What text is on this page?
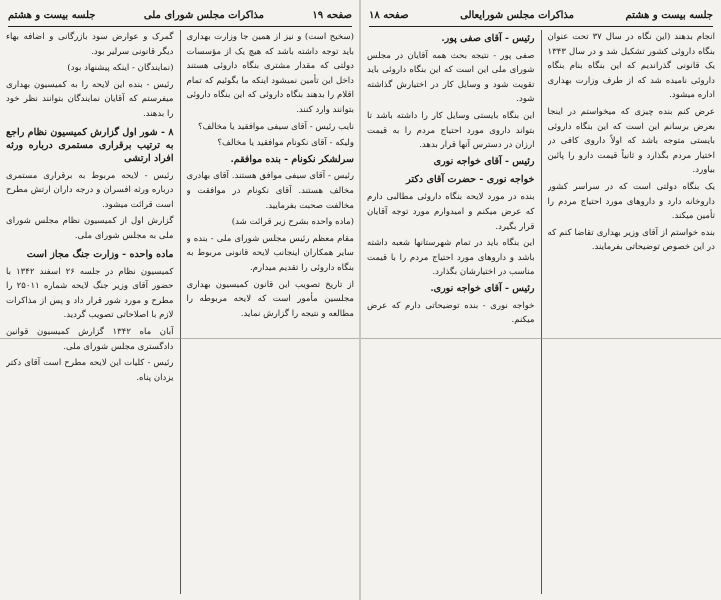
صفحه ۱۹
مذاکرات مجلس شورای ملی
جلسه بیست و هشتم
(سخیح است) و نیز از همین جا وزارت بهداری باید توجه داشته باشد که هیچ یک از مؤسسات دولتی که مقدار مشتری بنگاه داروئی هستند داخل این تأمین نمیشود اینکه ما بگوئیم که تمام اقلام را بدهند بنگاه داروئی که این بنگاه داروئی بتوانند وارد کنند.
نایب رئیس - آقای سیفی موافقید یا مخالف؟
ولیکه - آقای نکونام موافقید یا مخالف؟
سرلشکر نکونام - بنده موافقم.
رئیس - آقای سیفی موافق هستند. آقای بهادری مخالف هستند. آقای نکونام در موافقت و مخالفت صحبت بفرمایید.
(ماده واحده بشرح زیر قرائت شد)
مقام معظم رئیس مجلس شورای ملی - بنده و سایر همکاران اینجانب لایحه قانونی مربوط به بنگاه داروئی را تقدیم میدارم.
از تاریخ تصویب این قانون کمیسیون بهداری مجلسین مأمور است که لایحه مربوطه را مطالعه و نتیجه را گزارش نماید.
گمرک و عوارض سود بازرگانی و اضافه بهاء دیگر قانونی سرلیر بود.
(نمایندگان - اینکه پیشنهاد بود)
رئیس - بنده این لایحه را به کمیسیون بهداری میفرستم که آقایان نمایندگان بتوانند نظر خود را بدهند.
۸ - شور اول گزارش کمیسیون نظام راجع به ترتیب برقراری مستمری درباره ورثه افراد ارتشی
رئیس - لایحه مربوط به برقراری مستمری درباره ورثه افسران و درجه داران ارتش مطرح است قرائت میشود.
گزارش اول از کمیسیون نظام مجلس شورای ملی به مجلس شورای ملی.
ماده واحده - وزارت جنگ مجاز است
کمیسیون نظام در جلسه ۲۶ اسفند ۱۳۴۲ با حضور آقای وزیر جنگ لایحه شماره ۲۵۰۱۱ را مطرح و مورد شور قرار داد و پس از مذاکرات لازم با اصلاحاتی تصویب گردید.
آبان ماه ۱۳۴۲ گزارش کمیسیون قوانین دادگستری مجلس شورای ملی.
رئیس - کلیات این لایحه مطرح است آقای دکتر یزدان پناه.
جلسه بیست و هشتم
مذاکرات مجلس شورایعالی
صفحه ۱۸
انجام بدهند (این نگاه در سال ۳۷ تحت عنوان بنگاه داروئی کشور تشکیل شد و در سال ۱۳۴۳ یک قانونی گذراندیم که این بنگاه بنام بنگاه داروئی نامیده شد که از طرف وزارت بهداری اداره میشود.
عرض کنم بنده چیزی که میخواستم در اینجا بعرض برسانم این است که این بنگاه داروئی بایستی متوجه باشد که اولاً داروی کافی در اختیار مردم بگذارد و ثانیاً قیمت دارو را پائین بیاورد.
یک بنگاه دولتی است که در سراسر کشور داروخانه دارد و داروهای مورد احتیاج مردم را تأمین میکند.
بنده خواستم از آقای وزیر بهداری تقاضا کنم که در این خصوص توضیحاتی بفرمایند.
رئیس - آقای صفی پور.
صفی پور - نتیجه بحث همه آقایان در مجلس شورای ملی این است که این بنگاه داروئی باید تقویت شود و وسایل کار در اختیارش گذاشته شود.
این بنگاه بایستی وسایل کار را داشته باشد تا بتواند داروی مورد احتیاج مردم را به قیمت ارزان در دسترس آنها قرار بدهد.
رئیس - آقای خواجه نوری
خواجه نوری - حضرت آقای دکتر
بنده در مورد لایحه بنگاه داروئی مطالبی دارم که عرض میکنم و امیدوارم مورد توجه آقایان قرار بگیرد.
این بنگاه باید در تمام شهرستانها شعبه داشته باشد و داروهای مورد احتیاج مردم را با قیمت مناسب در اختیارشان بگذارد.
رئیس - آقای خواجه نوری.
خواجه نوری - بنده توضیحاتی دارم که عرض میکنم.
